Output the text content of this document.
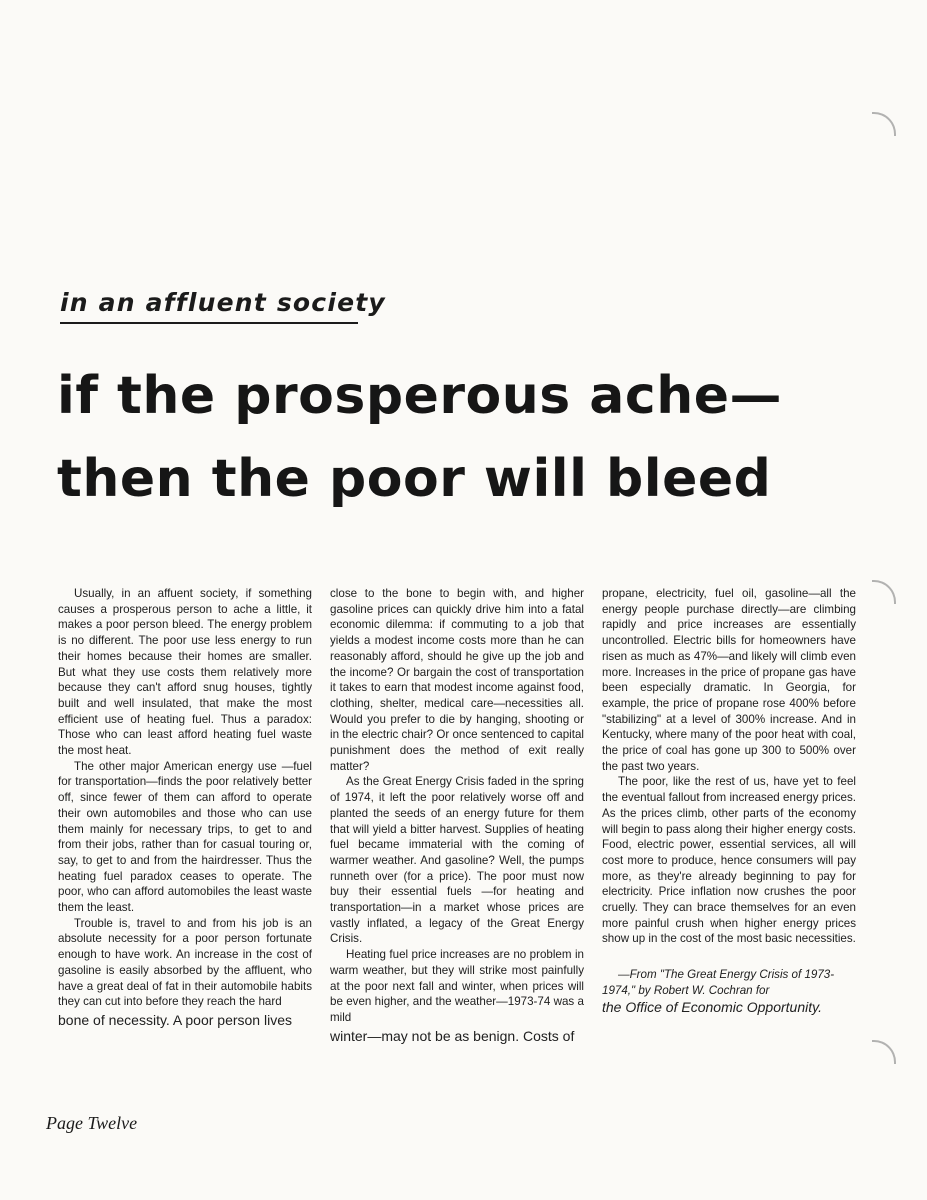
in an affluent society
if the prosperous ache—
then the poor will bleed

Usually, in an affuent society, if something causes a prosperous person to ache a little, it makes a poor person bleed. The energy problem is no different. The poor use less energy to run their homes because their homes are smaller. But what they use costs them relatively more because they can't afford snug houses, tightly built and well insulated, that make the most efficient use of heating fuel. Thus a paradox: Those who can least afford heating fuel waste the most heat.

The other major American energy use —fuel for transportation—finds the poor relatively better off, since fewer of them can afford to operate their own automobiles and those who can use them mainly for necessary trips, to get to and from their jobs, rather than for casual touring or, say, to get to and from the hairdresser. Thus the heating fuel paradox ceases to operate. The poor, who can afford automobiles the least waste them the least.

Trouble is, travel to and from his job is an absolute necessity for a poor person fortunate enough to have work. An increase in the cost of gasoline is easily absorbed by the affluent, who have a great deal of fat in their automobile habits they can cut into before they reach the hard

bone of necessity. A poor person lives

close to the bone to begin with, and higher gasoline prices can quickly drive him into a fatal economic dilemma: if commuting to a job that yields a modest income costs more than he can reasonably afford, should he give up the job and the income? Or bargain the cost of transportation it takes to earn that modest income against food, clothing, shelter, medical care—necessities all. Would you prefer to die by hanging, shooting or in the electric chair? Or once sentenced to capital punishment does the method of exit really matter?

As the Great Energy Crisis faded in the spring of 1974, it left the poor relatively worse off and planted the seeds of an energy future for them that will yield a bitter harvest. Supplies of heating fuel became immaterial with the coming of warmer weather. And gasoline? Well, the pumps runneth over (for a price). The poor must now buy their essential fuels —for heating and transportation—in a market whose prices are vastly inflated, a legacy of the Great Energy Crisis.

Heating fuel price increases are no problem in warm weather, but they will strike most painfully at the poor next fall and winter, when prices will be even higher, and the weather—1973-74 was a mild

winter—may not be as benign. Costs of

propane, electricity, fuel oil, gasoline—all the energy people purchase directly—are climbing rapidly and price increases are essentially uncontrolled. Electric bills for homeowners have risen as much as 47%—and likely will climb even more. Increases in the price of propane gas have been especially dramatic. In Georgia, for example, the price of propane rose 400% before "stabilizing" at a level of 300% increase. And in Kentucky, where many of the poor heat with coal, the price of coal has gone up 300 to 500% over the past two years.

The poor, like the rest of us, have yet to feel the eventual fallout from increased energy prices. As the prices climb, other parts of the economy will begin to pass along their higher energy costs. Food, electric power, essential services, all will cost more to produce, hence consumers will pay more, as they're already beginning to pay for electricity. Price inflation now crushes the poor cruelly. They can brace themselves for an even more painful crush when higher energy prices show up in the cost of the most basic necessities.

—From "The Great Energy Crisis of 1973-1974," by Robert W. Cochran for

the Office of Economic Opportunity.

Page Twelve
